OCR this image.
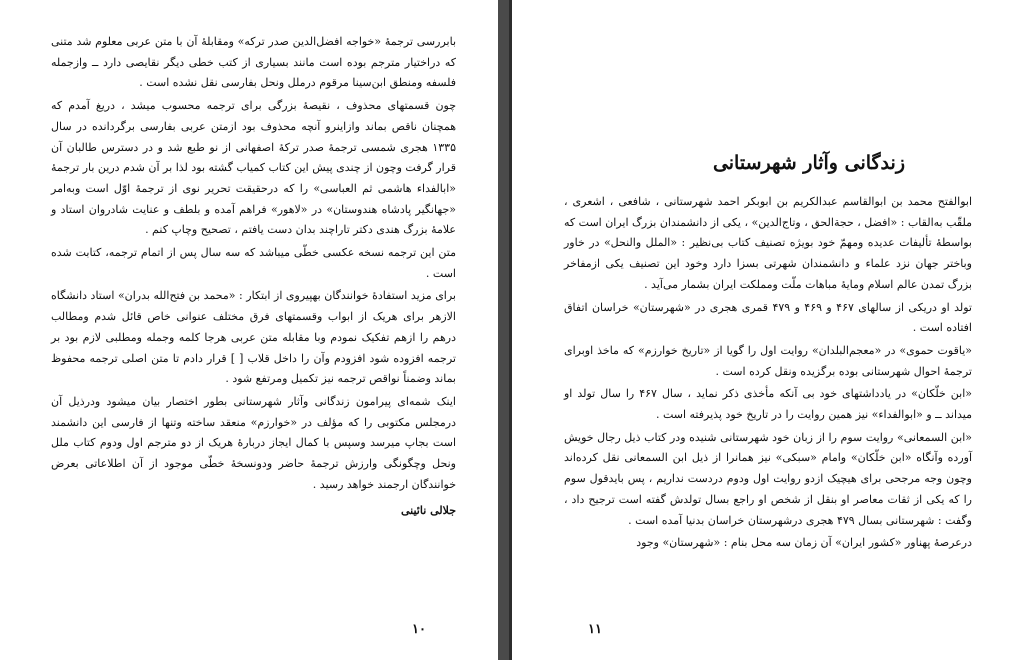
بابررسی ترجمهٔ «خواجه افضل‌الدین صدر ترکه» ومقابلهٔ آن با متن عربی معلوم شد متنی که دراختیار مترجم بوده است مانند بسیاری از کتب خطی دیگر نقایصی دارد ــ وازجمله فلسفه ومنطق ابن‌سینا مرقوم درملل ونحل بفارسی نقل نشده است .

چون قسمتهای محذوف ، نقیصهٔ بزرگی برای ترجمه محسوب میشد ، دریغ آمدم که همچنان ناقص بماند وازاینرو آنچه محذوف بود ازمتن عربی بفارسی برگردانده در سال ۱۳۳۵ هجری شمسی ترجمهٔ صدر ترکهٔ اصفهانی از نو طبع شد و در دسترس طالبان آن قرار گرفت وچون از چندی پیش این کتاب کمیاب گشته بود لذا بر آن شدم درین بار ترجمهٔ «ابالفداء هاشمی ثم العباسی» را که درحقیقت تحریر نوی از ترجمهٔ اوّل است وبه‌امر «جهانگیر پادشاه هندوستان» در «لاهور» فراهم آمده و بلطف و عنایت شادروان استاد و علامهٔ بزرگ هندی دکتر تاراچند بدان دست یافتم ، تصحیح وچاپ کنم .

متن این ترجمه نسخه عکسی خطّی میباشد که سه سال پس از اتمام ترجمه، کتابت شده است .

برای مزید استفادهٔ خوانندگان بهپیروی از ابتکار : «محمد بن فتح‌الله بدران» استاد دانشگاه الازهر برای هریک از ابواب وقسمتهای فرق مختلف عنوانی خاص قائل شدم ومطالب درهم را ازهم تفکیک نمودم وبا مقابله متن عربی هرجا کلمه وجمله ومطلبی لازم بود بر ترجمه افزوده شود افزودم وآن را داخل قلاب [ ] قرار دادم تا متن اصلی ترجمه محفوظ بماند وضمناً نواقص ترجمه نیز تکمیل ومرتفع شود .

اینک شمه‌ای پیرامون زندگانی وآثار شهرستانی بطور اختصار بیان میشود ودرذیل آن درمجلس مکتوبی را که مؤلف در «خوارزم» منعقد ساخته وتنها از فارسی این دانشمند است بجاپ میرسد وسپس با کمال ایجاز دربارهٔ هریک از دو مترجم اول ودوم کتاب ملل ونحل وچگونگی وارزش ترجمهٔ حاضر ودونسخهٔ خطّی موجود از آن اطلاعاتی بعرض خوانندگان ارجمند خواهد رسید .

جلالی نائینی

۱۰
زندگانی وآثار شهرستانی

ابوالفتح محمد بن ابوالقاسم عبدالکریم بن ابوبکر احمد شهرستانی ، شافعی ، اشعری ، ملقّب به‌القاب : «افضل ، حجةالحق ، وتاج‌الدین» ، یکی از دانشمندان بزرگ ایران است که بواسطهٔ تألیفات عدیده ومهمّ خود بویژه تصنیف کتاب بی‌نظیر : «الملل والنحل» در خاور وباختر جهان نزد علماء و دانشمندان شهرتی بسزا دارد وخود این تصنیف یکی ازمفاخر بزرگ تمدن عالم اسلام ومایهٔ مباهات ملّت ومملکت ایران بشمار می‌آید .

تولد او دریکی از سالهای ۴۶۷ و ۴۶۹ و ۴۷۹ قمری هجری در «شهرستان» خراسان اتفاق افتاده است .

«یاقوت حموی» در «معجم‌البلدان» روایت اول را گویا از «تاریخ خوارزم» که ماخذ اوبرای ترجمهٔ احوال شهرستانی بوده برگزیده ونقل کرده است .

«ابن خلّکان» در یادداشتهای خود بی آنکه مأخذی ذکر نماید ، سال ۴۶۷ را سال تولد او میداند ــ و «ابوالفداء» نیز همین روایت را در تاریخ خود پذیرفته است .

«ابن السمعانی» روایت سوم را از زبان خود شهرستانی شنیده ودر کتاب ذیل رجال خویش آورده وآنگاه «ابن خلّکان» وامام «سبکی» نیز همانرا از ذیل ابن السمعانی نقل کرده‌اند وچون وجه مرجحی برای هیچیک ازدو روایت اول ودوم دردست نداریم ، پس بایدقول سوم را که یکی از ثقات معاصر او بنقل از شخص او راجع بسال تولدش گفته است ترجیح داد ، وگفت : شهرستانی بسال ۴۷۹ هجری درشهرستان خراسان بدنیا آمده است .

درعرصهٔ پهناور «کشور ایران» آن زمان سه محل بنام : «شهرستان» وجود

۱۱
